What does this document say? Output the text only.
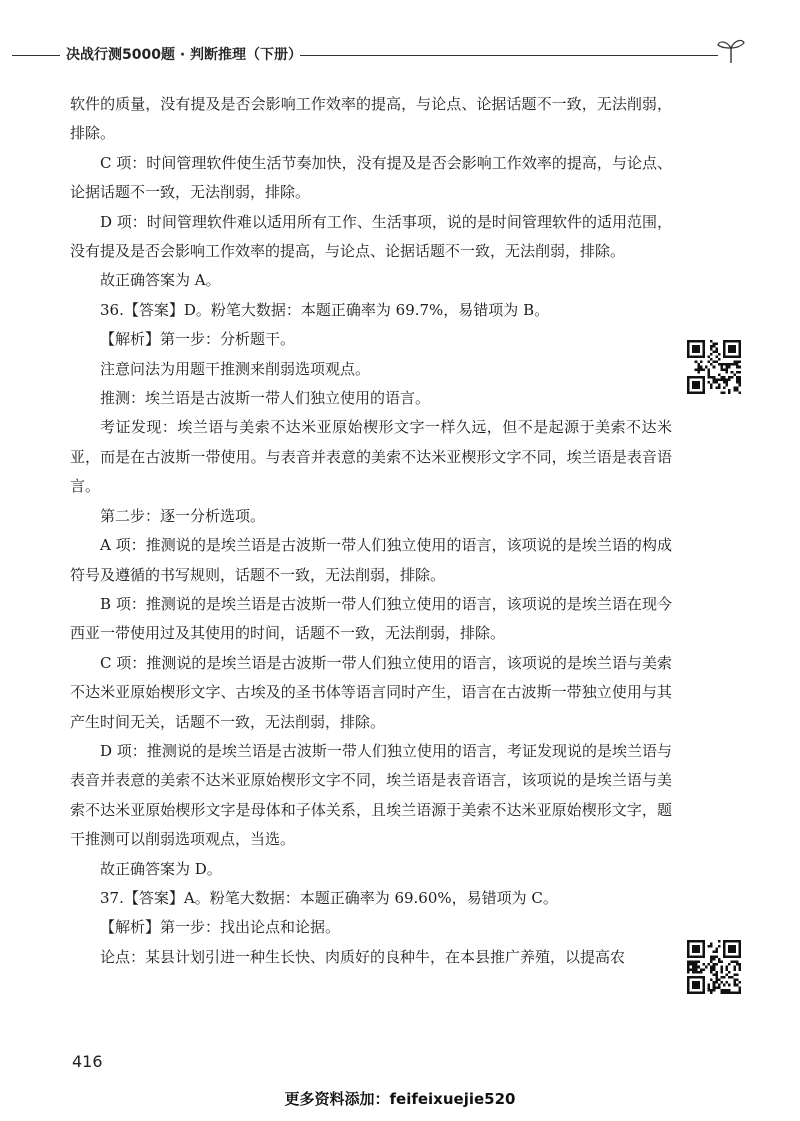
决战行测5000题 · 判断推理（下册）

软件的质量，没有提及是否会影响工作效率的提高，与论点、论据话题不一致，无法削弱，排除。

C 项：时间管理软件使生活节奏加快，没有提及是否会影响工作效率的提高，与论点、论据话题不一致，无法削弱，排除。

D 项：时间管理软件难以适用所有工作、生活事项，说的是时间管理软件的适用范围，没有提及是否会影响工作效率的提高，与论点、论据话题不一致，无法削弱，排除。

故正确答案为 A。

36.【答案】D。粉笔大数据：本题正确率为 69.7%，易错项为 B。

【解析】第一步：分析题干。

注意问法为用题干推测来削弱选项观点。

推测：埃兰语是古波斯一带人们独立使用的语言。

考证发现：埃兰语与美索不达米亚原始楔形文字一样久远，但不是起源于美索不达米亚，而是在古波斯一带使用。与表音并表意的美索不达米亚楔形文字不同，埃兰语是表音语言。

第二步：逐一分析选项。

A 项：推测说的是埃兰语是古波斯一带人们独立使用的语言，该项说的是埃兰语的构成符号及遵循的书写规则，话题不一致，无法削弱，排除。

B 项：推测说的是埃兰语是古波斯一带人们独立使用的语言，该项说的是埃兰语在现今西亚一带使用过及其使用的时间，话题不一致，无法削弱，排除。

C 项：推测说的是埃兰语是古波斯一带人们独立使用的语言，该项说的是埃兰语与美索不达米亚原始楔形文字、古埃及的圣书体等语言同时产生，语言在古波斯一带独立使用与其产生时间无关，话题不一致，无法削弱，排除。

D 项：推测说的是埃兰语是古波斯一带人们独立使用的语言，考证发现说的是埃兰语与表音并表意的美索不达米亚原始楔形文字不同，埃兰语是表音语言，该项说的是埃兰语与美索不达米亚原始楔形文字是母体和子体关系，且埃兰语源于美索不达米亚原始楔形文字，题干推测可以削弱选项观点，当选。

故正确答案为 D。

37.【答案】A。粉笔大数据：本题正确率为 69.60%，易错项为 C。

【解析】第一步：找出论点和论据。

论点：某县计划引进一种生长快、肉质好的良种牛，在本县推广养殖，以提高农

416
更多资料添加：feifeixuejie520
